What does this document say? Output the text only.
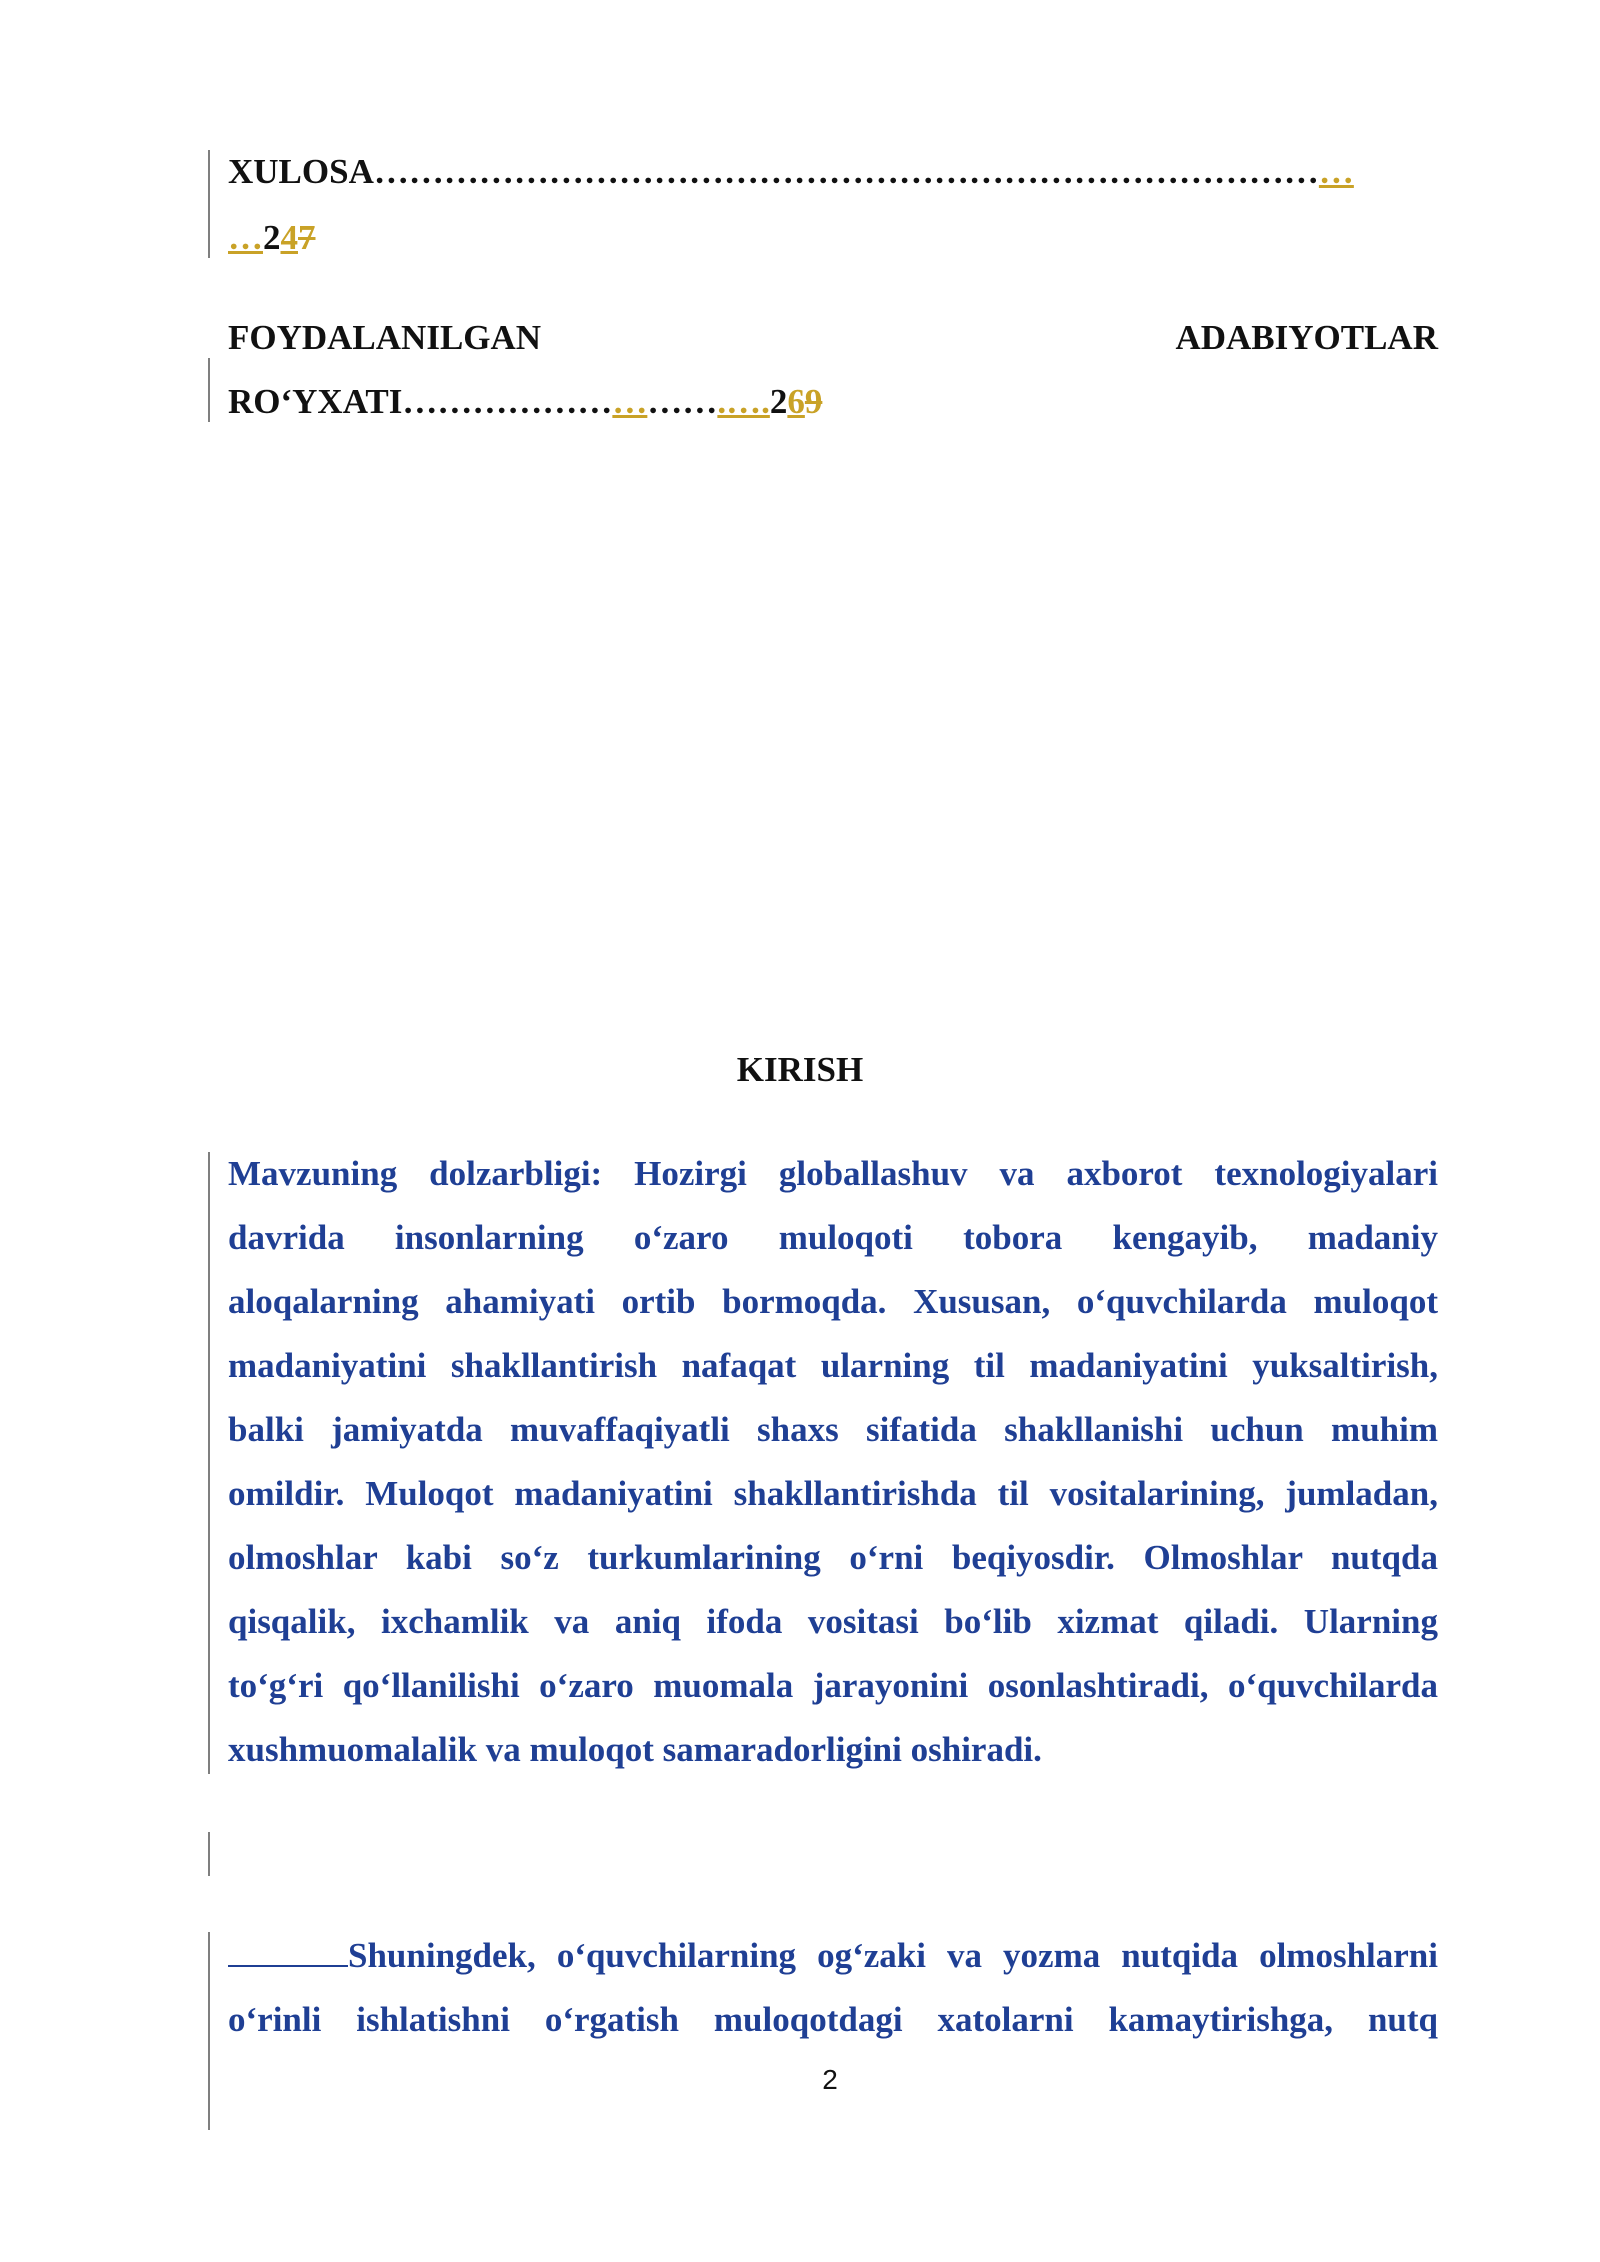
XULOSA…………………………………………………………………………
…247
FOYDALANILGAN	ADABIYOTLAR
RO‘YXATI……………………….….269
KIRISH
Mavzuning dolzarbligi: Hozirgi globallashuv va axborot texnologiyalari
davrida insonlarning o‘zaro muloqoti tobora kengayib, madaniy
aloqalarning ahamiyati ortib bormoqda. Xususan, o‘quvchilarda muloqot
madaniyatini shakllantirish nafaqat ularning til madaniyatini yuksaltirish,
balki jamiyatda muvaffaqiyatli shaxs sifatida shakllanishi uchun muhim
omildir. Muloqot madaniyatini shakllantirishda til vositalarining, jumladan,
olmoshlar kabi so‘z turkumlarining o‘rni beqiyosdir. Olmoshlar nutqda
qisqalik, ixchamlik va aniq ifoda vositasi bo‘lib xizmat qiladi. Ularning
to‘g‘ri qo‘llanilishi o‘zaro muomala jarayonini osonlashtiradi, o‘quvchilarda
xushmuomalalik va muloqot samaradorligini oshiradi.
Shuningdek, o‘quvchilarning og‘zaki va yozma nutqida olmoshlarni
o‘rinli ishlatishni o‘rgatish muloqotdagi xatolarni kamaytirishga, nutq
2
